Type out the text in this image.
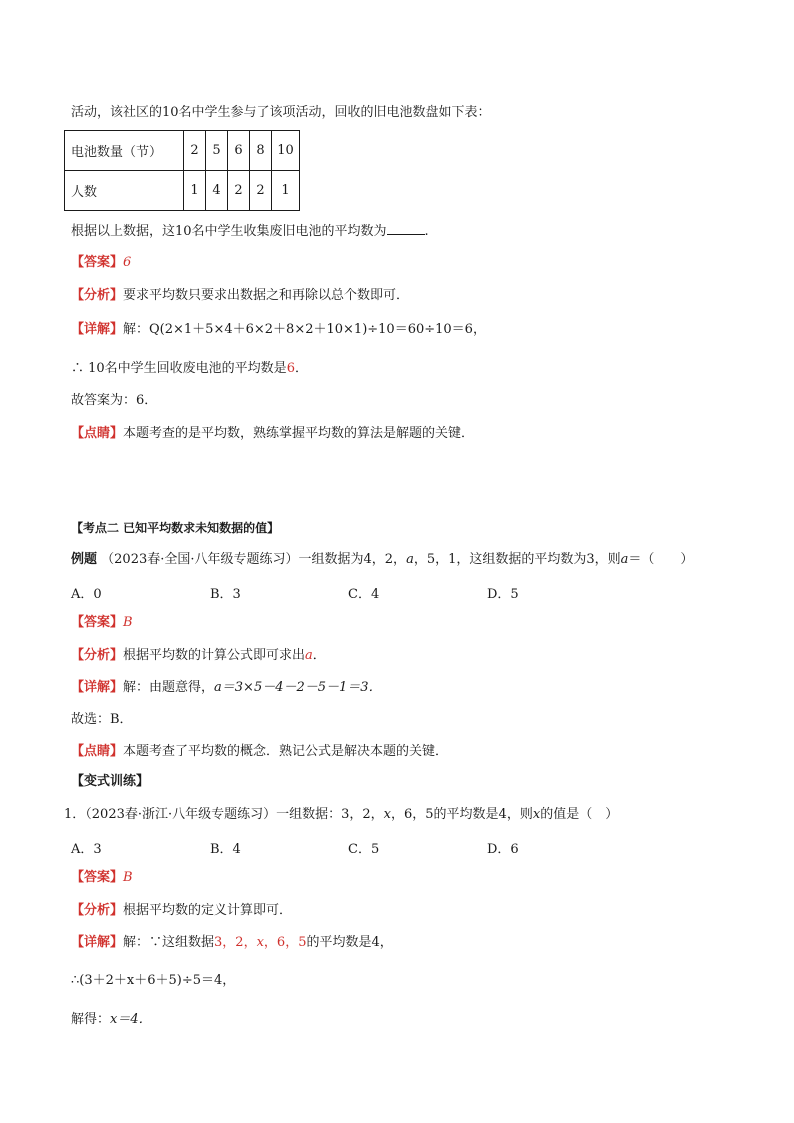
活动，该社区的10名中学生参与了该项活动，回收的旧电池数盘如下表：
电池数量（节）	2	5	6	8	10
人数	1	4	2	2	1
根据以上数据，这10名中学生收集废旧电池的平均数为	.
【答案】6
【分析】要求平均数只要求出数据之和再除以总个数即可．
【详解】解：Q(2×1＋5×4＋6×2＋8×2＋10×1)÷10＝60÷10＝6，
∴ 10名中学生回收废电池的平均数是6．
故答案为：6．
【点睛】本题考查的是平均数，熟练掌握平均数的算法是解题的关键．
【考点二 已知平均数求未知数据的值】
例题 （2023春·全国·八年级专题练习）一组数据为4，2，a，5，1，这组数据的平均数为3，则a＝（　　）
A．0	B．3	C．4	D．5
【答案】B
【分析】根据平均数的计算公式即可求出a．
【详解】解：由题意得，a＝3×5－4－2－5－1＝3．
故选：B．
【点睛】本题考查了平均数的概念．熟记公式是解决本题的关键．
【变式训练】
1．（2023春·浙江·八年级专题练习）一组数据：3，2，x，6，5的平均数是4，则x的值是（　）
A．3	B．4	C．5	D．6
【答案】B
【分析】根据平均数的定义计算即可．
【详解】解：∵这组数据3，2，x，6，5的平均数是4，
∴(3＋2＋x＋6＋5)÷5＝4，
解得：x＝4．
